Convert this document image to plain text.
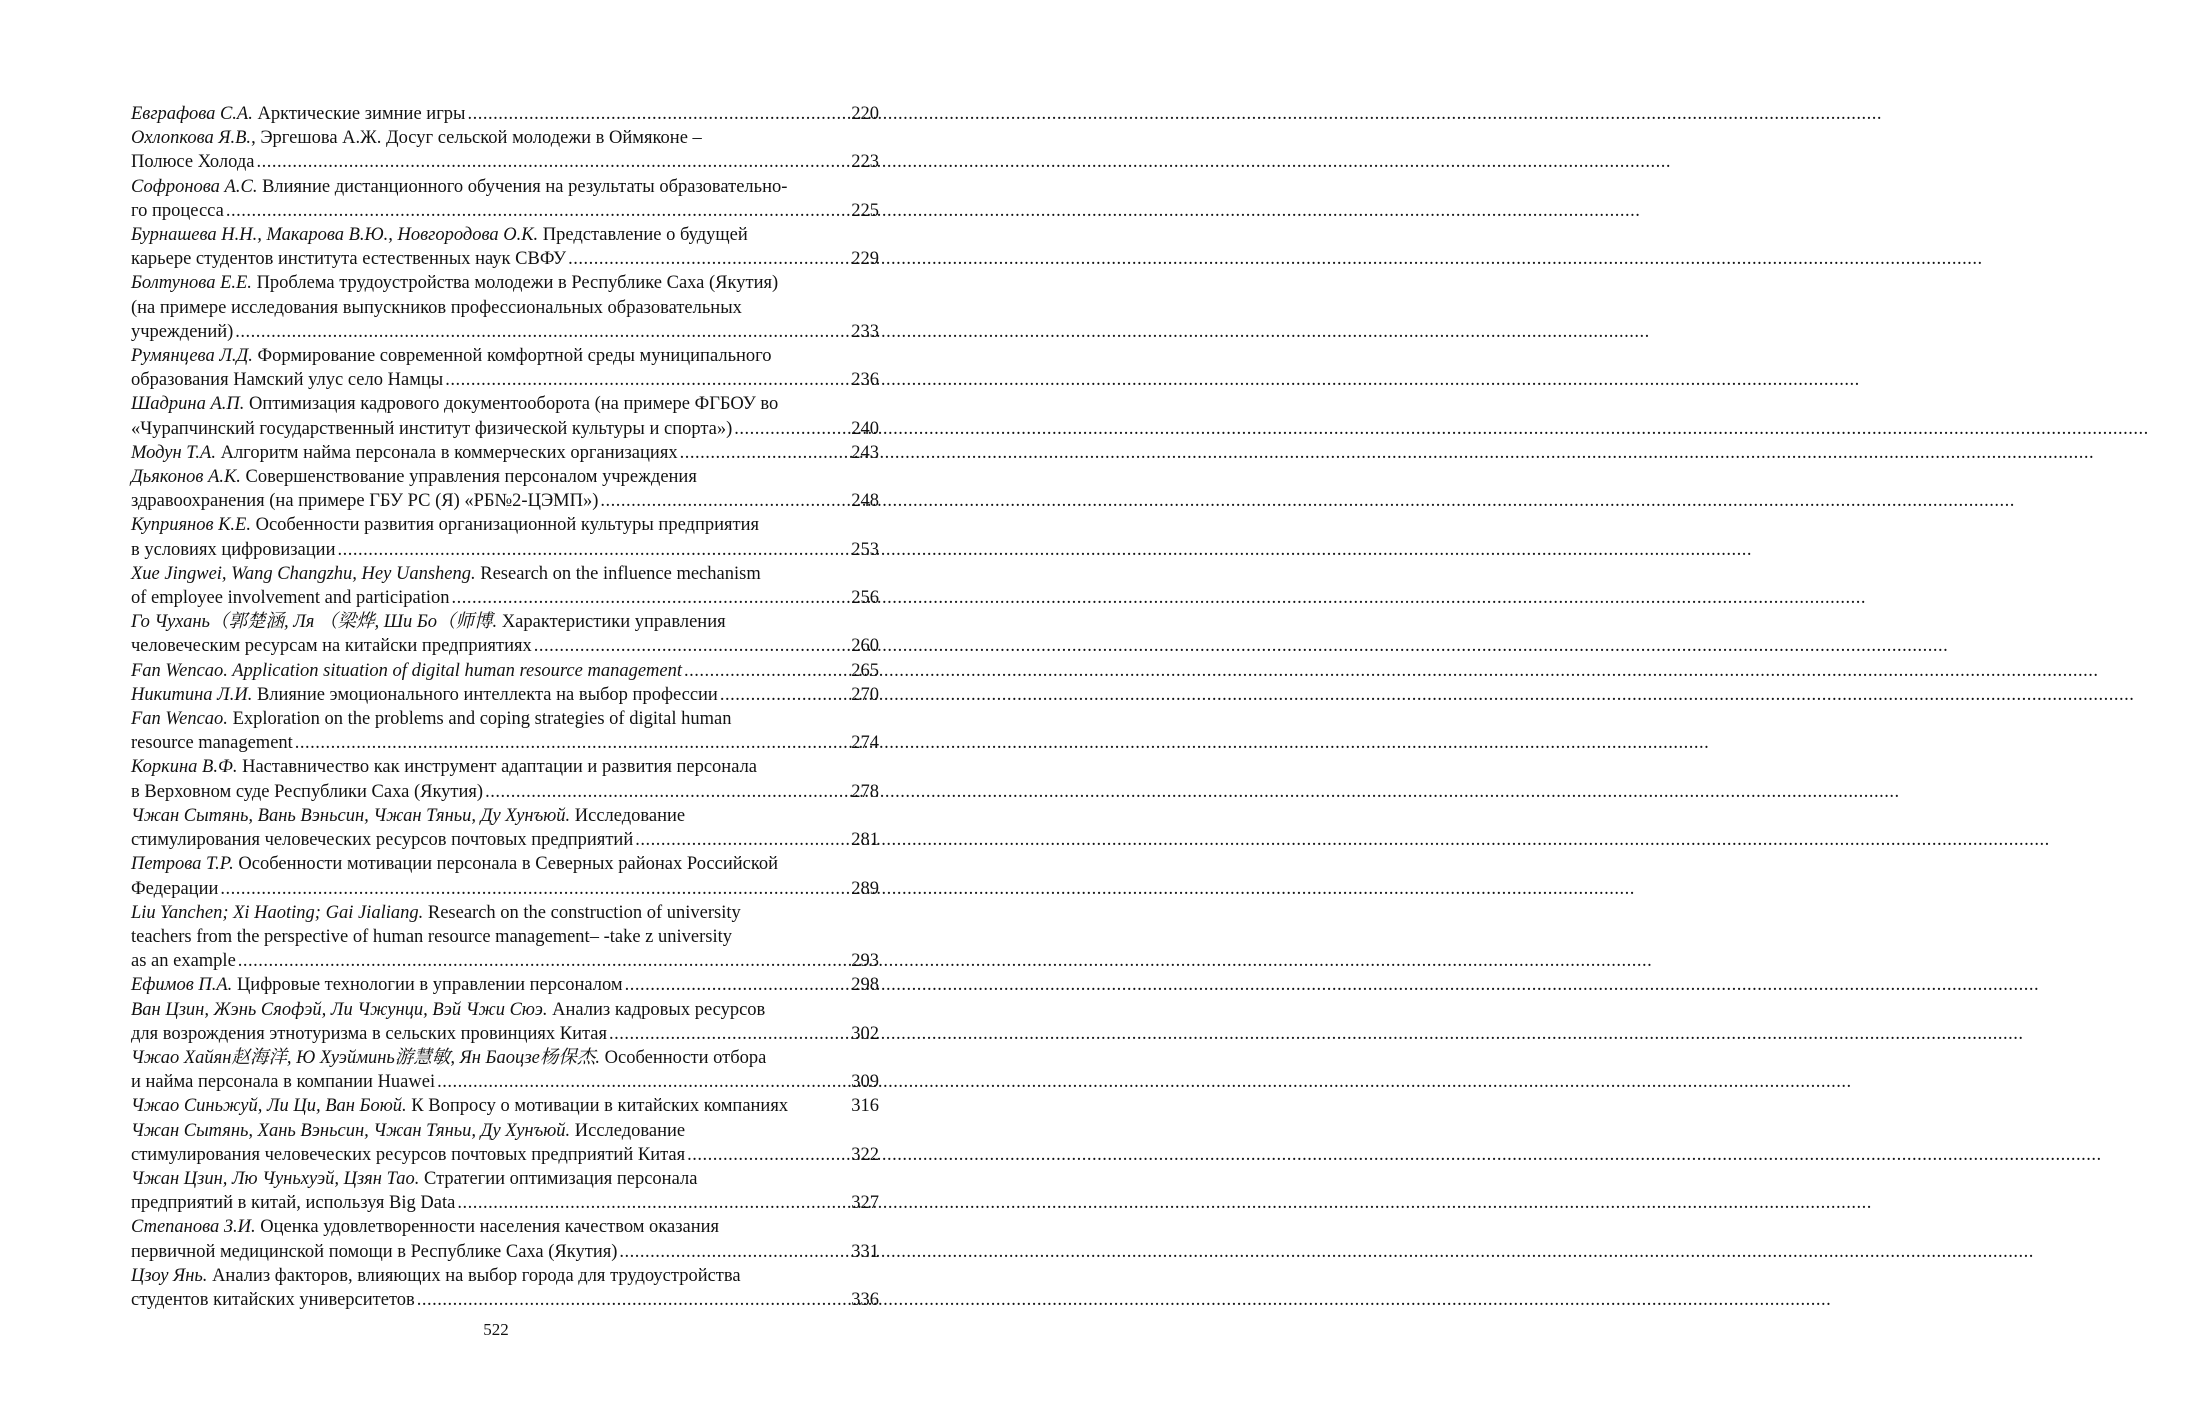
Евграфова С.А. Арктические зимние игры .....	220
Охлопкова Я.В., Эргешова А.Ж. Досуг сельской молодежи в Оймяконе –
Полюсе Холода .....	223
Софронова А.С. Влияние дистанционного обучения на результаты образовательно-
го процесса .....	225
Бурнашева Н.Н., Макарова В.Ю., Новгородова О.К. Представление о будущей
карьере студентов института естественных наук СВФУ .....	229
Болтунова Е.Е. Проблема трудоустройства молодежи в Республике Саха (Якутия)
(на примере исследования выпускников профессиональных образовательных
учреждений) .....	233
Румянцева Л.Д. Формирование современной комфортной среды муниципального
образования Намский улус село Намцы .....	236
Шадрина А.П. Оптимизация кадрового документооборота (на примере ФГБОУ во
«Чурапчинский государственный институт физической культуры и спорта») .....	240
Модун Т.А. Алгоритм найма персонала в коммерческих организациях .....	243
Дьяконов А.К. Совершенствование управления персоналом учреждения
здравоохранения (на примере ГБУ РС (Я) «РБ№2-ЦЭМП») .....	248
Куприянов К.Е. Особенности развития организационной культуры предприятия
в условиях цифровизации .....	253
Xue Jingwei, Wang Changzhu, Hey Uansheng. Research on the influence mechanism
of employee involvement and participation .....	256
Го Чухань（郭楚涵, Ля （梁烨, Ши Бо（师博. Характеристики управления
человеческим ресурсам на китайски предприятиях .....	260
Fan Wencao. Application situation of digital human resource management .....	265
Никитина Л.И. Влияние эмоционального интеллекта на выбор профессии .....	270
Fan Wencao. Exploration on the problems and coping strategies of digital human
resource management .....	274
Коркина В.Ф. Наставничество как инструмент адаптации и развития персонала
в Верховном суде Республики Саха (Якутия) .....	278
Чжан Сытянь, Вань Вэньсин, Чжан Тяньи, Ду Хунъюй. Исследование
стимулирования человеческих ресурсов почтовых предприятий .....	281
Петрова Т.Р. Особенности мотивации персонала в Северных районах Российской
Федерации .....	289
Liu Yanchen; Xi Haoting; Gai Jialiang. Research on the construction of university
teachers from the perspective of human resource management– -take z university
as an example .....	293
Ефимов П.А. Цифровые технологии в управлении персоналом .....	298
Ван Цзин, Жэнь Сяофэй, Ли Чжунци, Вэй Чжи Сюэ. Анализ кадровых ресурсов
для возрождения этнотуризма в сельских провинциях Китая .....	302
Чжао Хайян赵海洋, Ю Хуэйминь游慧敏, Ян Баоцзе杨保杰. Особенности отбора
и найма персонала в компании Huawei .....	309
Чжао Синьжуй, Ли Ци, Ван Боюй. К Вопросу о мотивации в китайских компаниях	316
Чжан Сытянь, Хань Вэньсин, Чжан Тяньи, Ду Хунъюй. Исследование
стимулирования человеческих ресурсов почтовых предприятий Китая .....	322
Чжан Цзин, Лю Чуньхуэй, Цзян Тао. Стратегии оптимизация персонала
предприятий в китай, используя Big Data .....	327
Степанова З.И. Оценка удовлетворенности населения качеством оказания
первичной медицинской помощи в Республике Саха (Якутия) .....	331
Цзоу Янь. Анализ факторов, влияющих на выбор города для трудоустройства
студентов китайских университетов .....	336
522
